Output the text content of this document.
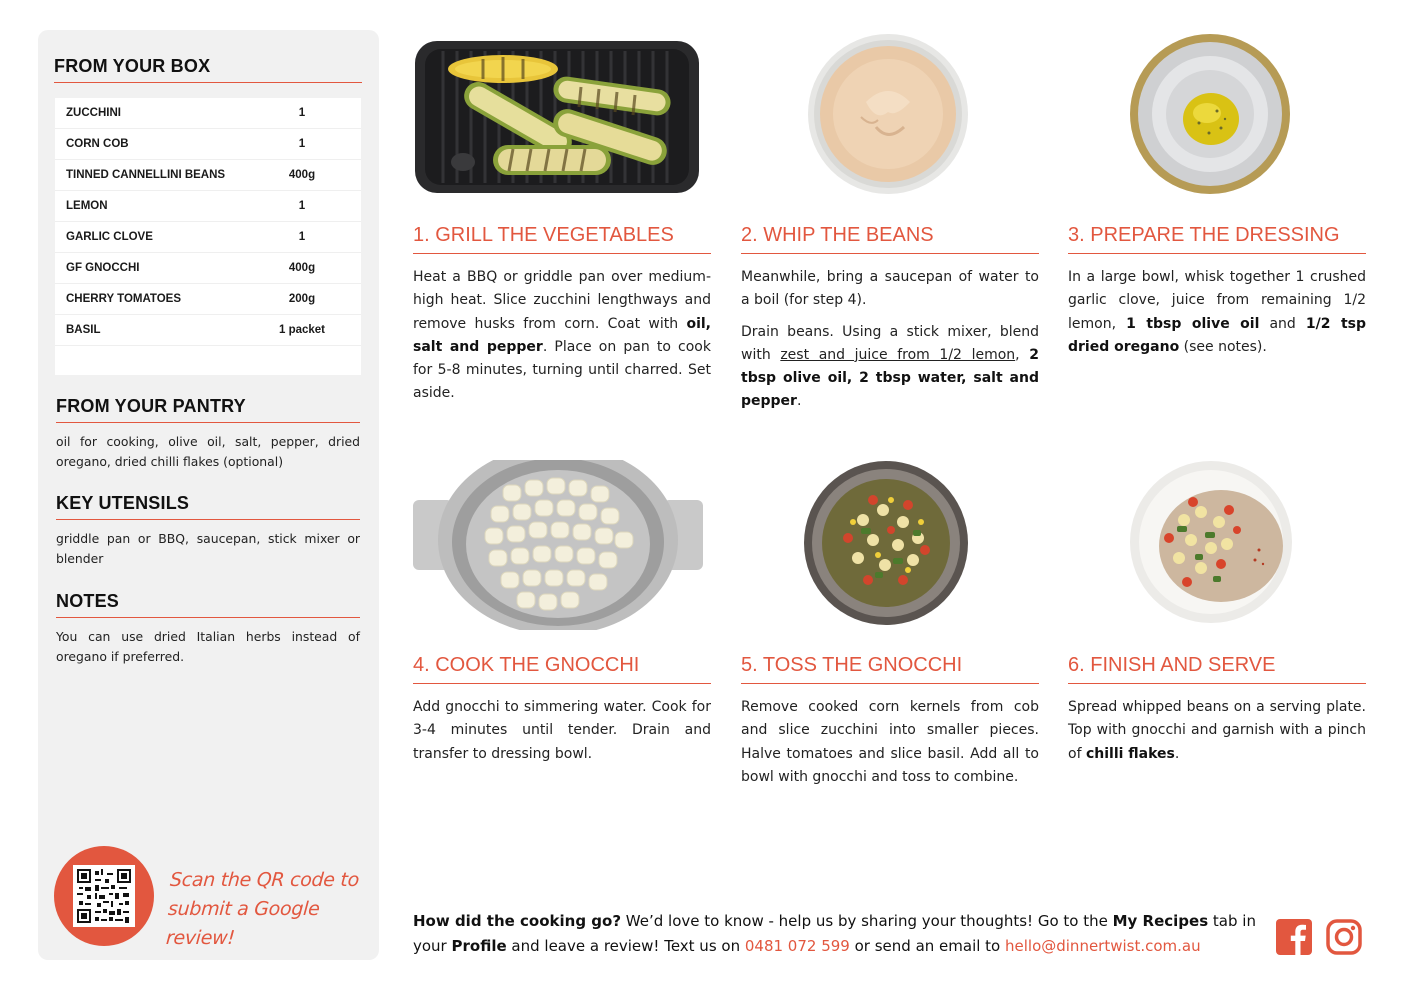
FROM YOUR BOX
ZUCCHINI	1
CORN COB	1
TINNED CANNELLINI BEANS	400g
LEMON	1
GARLIC CLOVE	1
GF GNOCCHI	400g
CHERRY TOMATOES	200g
BASIL	1 packet
FROM YOUR PANTRY
oil for cooking, olive oil, salt, pepper, dried oregano, dried chilli flakes (optional)
KEY UTENSILS
griddle pan or BBQ, saucepan, stick mixer or blender
NOTES
You can use dried Italian herbs instead of oregano if preferred.
Scan the QR code to
submit a Google review!
1. GRILL THE VEGETABLES

Heat a BBQ or griddle pan over medium-high heat. Slice zucchini lengthways and remove husks from corn. Coat with oil, salt and pepper. Place on pan to cook for 5-8 minutes, turning until charred. Set aside.

2. WHIP THE BEANS

Meanwhile, bring a saucepan of water to a boil (for step 4).

Drain beans. Using a stick mixer, blend with zest and juice from 1/2 lemon, 2 tbsp olive oil, 2 tbsp water, salt and pepper.

3. PREPARE THE DRESSING

In a large bowl, whisk together 1 crushed garlic clove, juice from remaining 1/2 lemon, 1 tbsp olive oil and 1/2 tsp dried oregano (see notes).

4. COOK THE GNOCCHI

Add gnocchi to simmering water. Cook for 3-4 minutes until tender. Drain and transfer to dressing bowl.

5. TOSS THE GNOCCHI

Remove cooked corn kernels from cob and slice zucchini into smaller pieces. Halve tomatoes and slice basil. Add all to bowl with gnocchi and toss to combine.

6. FINISH AND SERVE

Spread whipped beans on a serving plate. Top with gnocchi and garnish with a pinch of chilli flakes.

How did the cooking go? We’d love to know - help us by sharing your thoughts! Go to the My Recipes tab in your Profile and leave a review! Text us on 0481 072 599 or send an email to hello@dinnertwist.com.au
